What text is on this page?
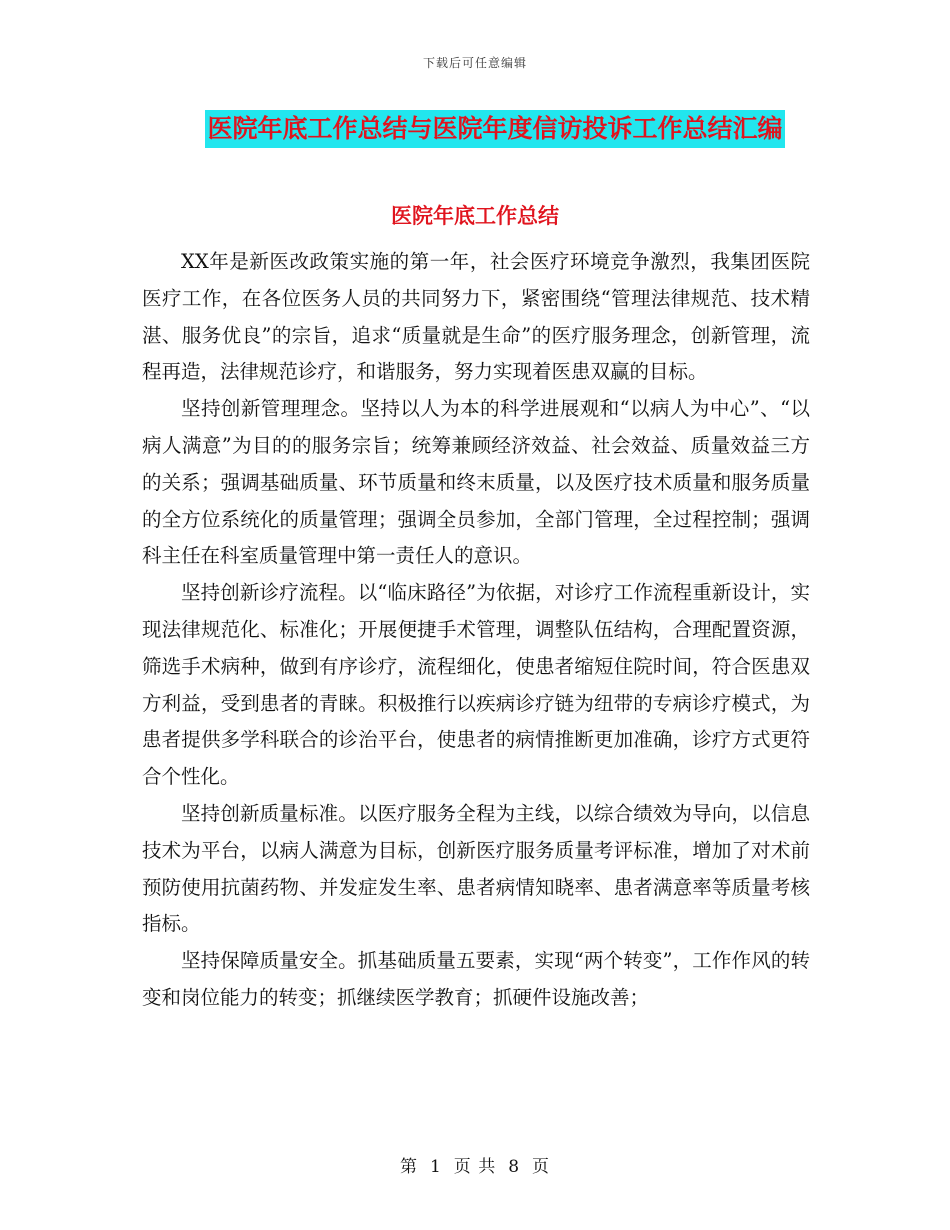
下载后可任意编辑
医院年底工作总结与医院年度信访投诉工作总结汇编
医院年底工作总结

XX年是新医改政策实施的第一年，社会医疗环境竞争激烈，我集团医院医疗工作，在各位医务人员的共同努力下，紧密围绕“管理法律规范、技术精湛、服务优良”的宗旨，追求“质量就是生命”的医疗服务理念，创新管理，流程再造，法律规范诊疗，和谐服务，努力实现着医患双赢的目标。

坚持创新管理理念。坚持以人为本的科学进展观和“以病人为中心”、“以病人满意”为目的的服务宗旨；统筹兼顾经济效益、社会效益、质量效益三方的关系；强调基础质量、环节质量和终末质量，以及医疗技术质量和服务质量的全方位系统化的质量管理；强调全员参加，全部门管理，全过程控制；强调科主任在科室质量管理中第一责任人的意识。

坚持创新诊疗流程。以“临床路径”为依据，对诊疗工作流程重新设计，实现法律规范化、标准化；开展便捷手术管理，调整队伍结构，合理配置资源，筛选手术病种，做到有序诊疗，流程细化，使患者缩短住院时间，符合医患双方利益，受到患者的青睐。积极推行以疾病诊疗链为纽带的专病诊疗模式，为患者提供多学科联合的诊治平台，使患者的病情推断更加准确，诊疗方式更符合个性化。

坚持创新质量标准。以医疗服务全程为主线，以综合绩效为导向，以信息技术为平台，以病人满意为目标，创新医疗服务质量考评标准，增加了对术前预防使用抗菌药物、并发症发生率、患者病情知晓率、患者满意率等质量考核指标。

坚持保障质量安全。抓基础质量五要素，实现“两个转变”，工作作风的转变和岗位能力的转变；抓继续医学教育；抓硬件设施改善；

第 1 页 共 8 页
